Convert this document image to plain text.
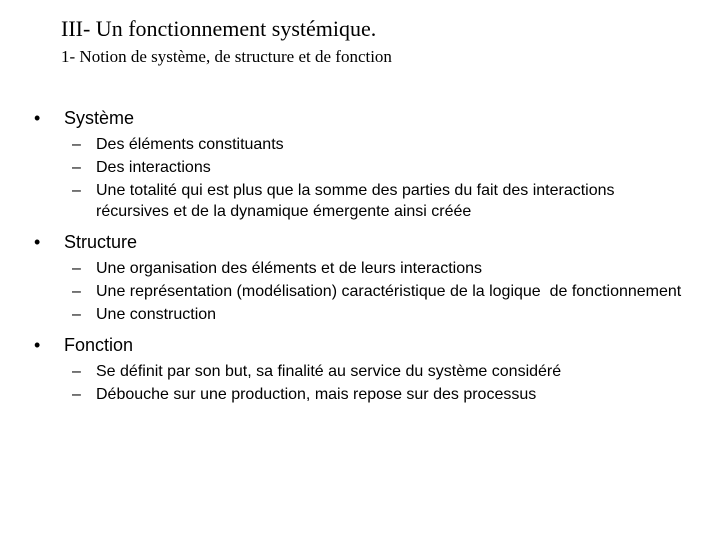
III- Un fonctionnement systémique.
1- Notion de système, de structure et de fonction
• Système
– Des éléments constituants
– Des interactions
– Une totalité qui est plus que la somme des parties du fait des interactions récursives et de la dynamique émergente ainsi créée
• Structure
– Une organisation des éléments et de leurs interactions
– Une représentation (modélisation) caractéristique de la logique  de fonctionnement
– Une construction
• Fonction
– Se définit par son but, sa finalité au service du système considéré
– Débouche sur une production, mais repose sur des processus
